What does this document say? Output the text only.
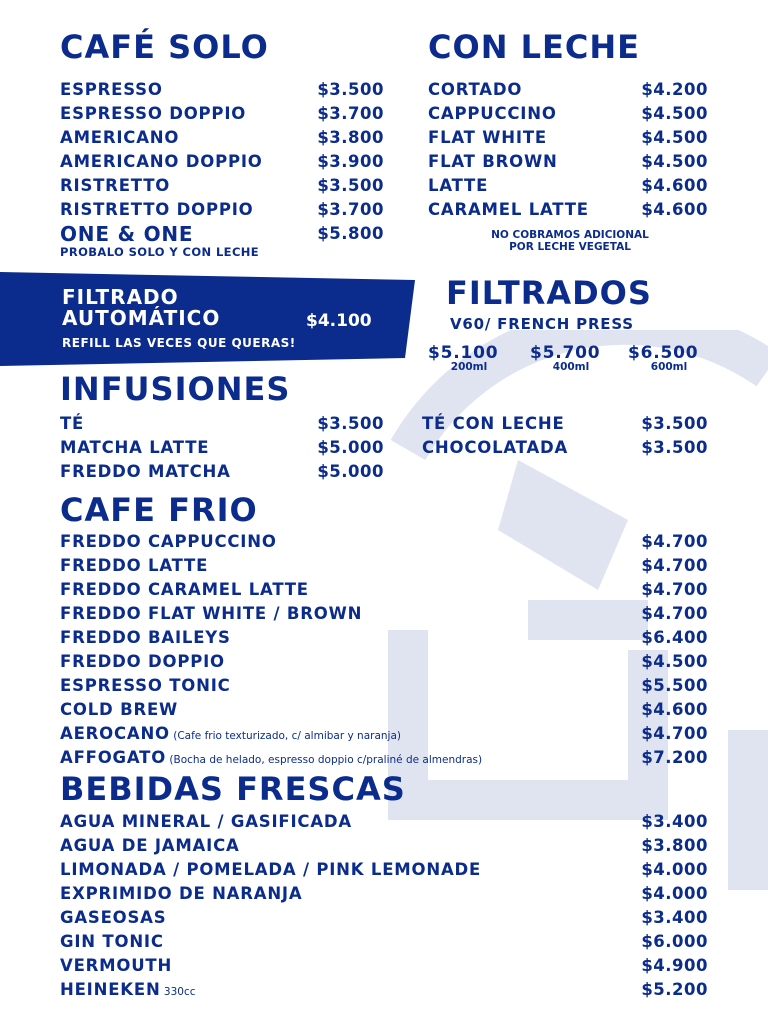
CAFÉ SOLO
ESPRESSO	$3.500
ESPRESSO DOPPIO	$3.700
AMERICANO	$3.800
AMERICANO DOPPIO	$3.900
RISTRETTO	$3.500
RISTRETTO DOPPIO	$3.700
ONE & ONE	$5.800
PROBALO SOLO Y CON LECHE
CON LECHE
CORTADO	$4.200
CAPPUCCINO	$4.500
FLAT WHITE	$4.500
FLAT BROWN	$4.500
LATTE	$4.600
CARAMEL LATTE	$4.600
NO COBRAMOS ADICIONAL
POR LECHE VEGETAL
FILTRADO
AUTOMÁTICO	$4.100
REFILL LAS VECES QUE QUERAS!
FILTRADOS
V60/ FRENCH PRESS
$5.100
200ml
$5.700
400ml
$6.500
600ml
INFUSIONES
TÉ	$3.500
MATCHA LATTE	$5.000
FREDDO MATCHA	$5.000
TÉ CON LECHE	$3.500
CHOCOLATADA	$3.500
CAFE FRIO
FREDDO CAPPUCCINO	$4.700
FREDDO LATTE	$4.700
FREDDO CARAMEL LATTE	$4.700
FREDDO FLAT WHITE / BROWN	$4.700
FREDDO BAILEYS	$6.400
FREDDO DOPPIO	$4.500
ESPRESSO TONIC	$5.500
COLD BREW	$4.600
AEROCANO (Cafe frio texturizado, c/ almibar y naranja)	$4.700
AFFOGATO (Bocha de helado, espresso doppio c/praliné de almendras)	$7.200
BEBIDAS FRESCAS
AGUA MINERAL / GASIFICADA	$3.400
AGUA DE JAMAICA	$3.800
LIMONADA / POMELADA / PINK LEMONADE	$4.000
EXPRIMIDO DE NARANJA	$4.000
GASEOSAS	$3.400
GIN TONIC	$6.000
VERMOUTH	$4.900
HEINEKEN 330cc	$5.200
